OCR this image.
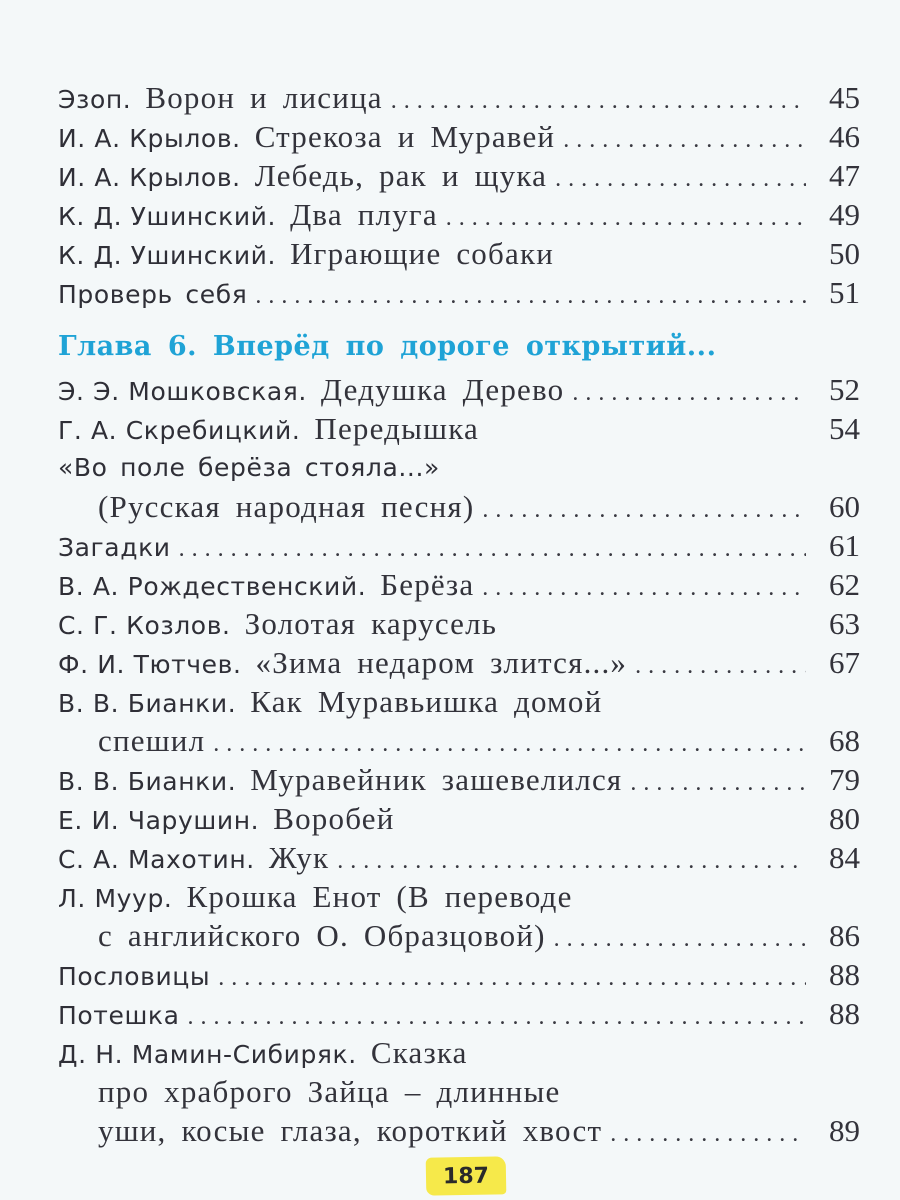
Эзоп. Ворон и лисица .....	45
И. А. Крылов. Стрекоза и Муравей .....	46
И. А. Крылов. Лебедь, рак и щука .....	47
К. Д. Ушинский. Два плуга .....	49
К. Д. Ушинский. Играющие собаки	50
Проверь себя .....	51
Глава 6. Вперёд по дороге открытий...
Э. Э. Мошковская. Дедушка Дерево .....	52
Г. А. Скребицкий. Передышка	54
«Во поле берёза стояла...»
(Русская народная песня) .....	60
Загадки .....	61
В. А. Рождественский. Берёза .....	62
С. Г. Козлов. Золотая карусель	63
Ф. И. Тютчев. «Зима недаром злится...» .....	67
В. В. Бианки. Как Муравьишка домой
спешил .....	68
В. В. Бианки. Муравейник зашевелился .....	79
Е. И. Чарушин. Воробей	80
С. А. Махотин. Жук .....	84
Л. Муур. Крошка Енот (В переводе
с английского О. Образцовой) .....	86
Пословицы .....	88
Потешка .....	88
Д. Н. Мамин-Сибиряк. Сказка
про храброго Зайца – длинные
уши, косые глаза, короткий хвост .....	89
187
